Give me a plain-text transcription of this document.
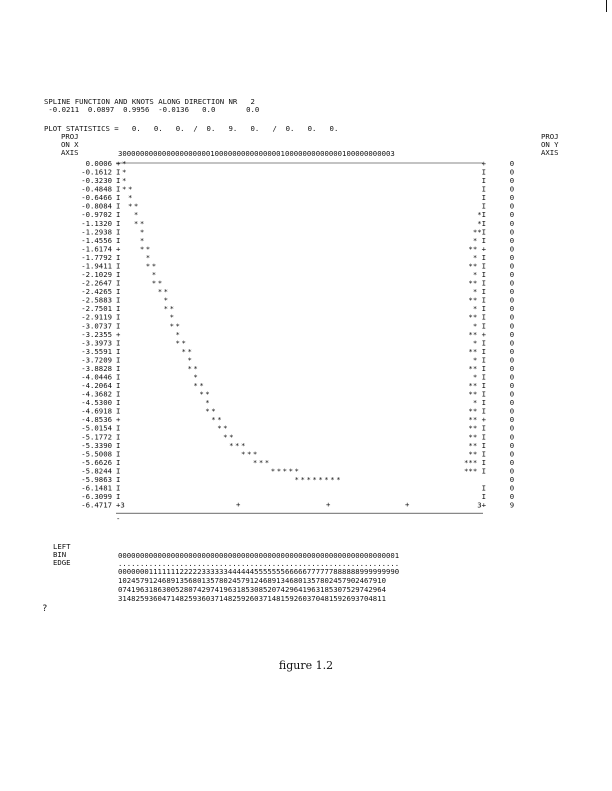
SPLINE FUNCTION AND KNOTS ALONG DIRECTION NR   2
-0.0211  0.0897  0.9956  -0.0136   0.0       0.0
PLOT STATISTICS =   0.   0.   0.  /  0.   9.   0.   /  0.   0.   0.
PROJ
ON X
AXIS
PROJ
ON Y
AXIS
300000000000000000000100000000000000010000000000000100000000003
0.0006 + *	+	0
-0.1612 I *	I	0
-0.3230 I *	I	0
-0.4848 I * *	I	0
-0.6466 I *	I	0
-0.8084 I * *	I	0
-0.9702 I *	*I	0
-1.1320 I * *	*I	0
-1.2938 I	*	**I	0
-1.4556 I	*	* I	0
-1.6174 +	* *	** +	0
-1.7792 I	*	* I	0
-1.9411 I	* *	** I	0
-2.1029 I	*	* I	0
-2.2647 I	* *	** I	0
-2.4265 I	* *	* I	0
-2.5883 I	*	** I	0
-2.7501 I	* *	* I	0
-2.9119 I	*	** I	0
-3.0737 I	* *	* I	0
-3.2355 +	*	** +	0
-3.3973 I	* *	* I	0
-3.5591 I	* *	** I	0
-3.7209 I	*	* I	0
-3.8828 I	* *	** I	0
-4.0446 I	*	* I	0
-4.2064 I	* *	** I	0
-4.3682 I	* *	** I	0
-4.5300 I	*	* I	0
-4.6918 I	* *	** I	0
-4.8536 +	* *	** +	0
-5.0154 I	* *	** I	0
-5.1772 I	* *	** I	0
-5.3390 I	* * *	** I	0
-5.5008 I	* * *	** I	0
-5.6626 I	* * *	*** I	0
-5.8244 I	* * * * *	*** I	0
-5.9863 I	* * * * * * * *	0
-6.1481 I	I	0
-6.3099 I	I	0
-6.4717 +3	3+	9
+	+	+
-
LEFT
BIN
EDGE
0000000000000000000000000000000000000000000000000000000000000001
................................................................
0000000111111122222333333444444555555566666777777888888999999990
1024579124689135680135780245791246891346801357802457902467910
0741963186300528074297419631853085207429641963185307529742964
3148259360471482593603714825926037148159260370481592693704811
?
figure 1.2
